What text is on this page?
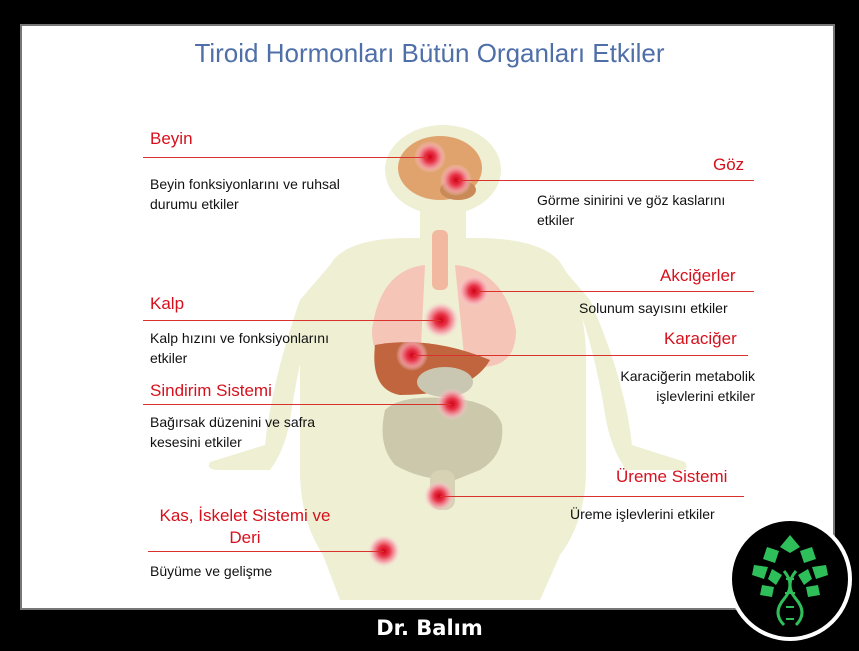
Tiroid Hormonları Bütün Organları Etkiler
Beyin
Beyin fonksiyonlarını ve ruhsal durumu etkiler
Göz
Görme sinirini ve göz kaslarını etkiler
Akciğerler
Solunum sayısını etkiler
Kalp
Kalp hızını ve fonksiyonlarını etkiler
Karaciğer
Karaciğerin metabolik işlevlerini etkiler
Sindirim Sistemi
Bağırsak düzenini ve safra kesesini etkiler
Üreme Sistemi
Üreme işlevlerini etkiler
Kas, İskelet Sistemi ve Deri
Büyüme ve gelişme
Dr. Balım
